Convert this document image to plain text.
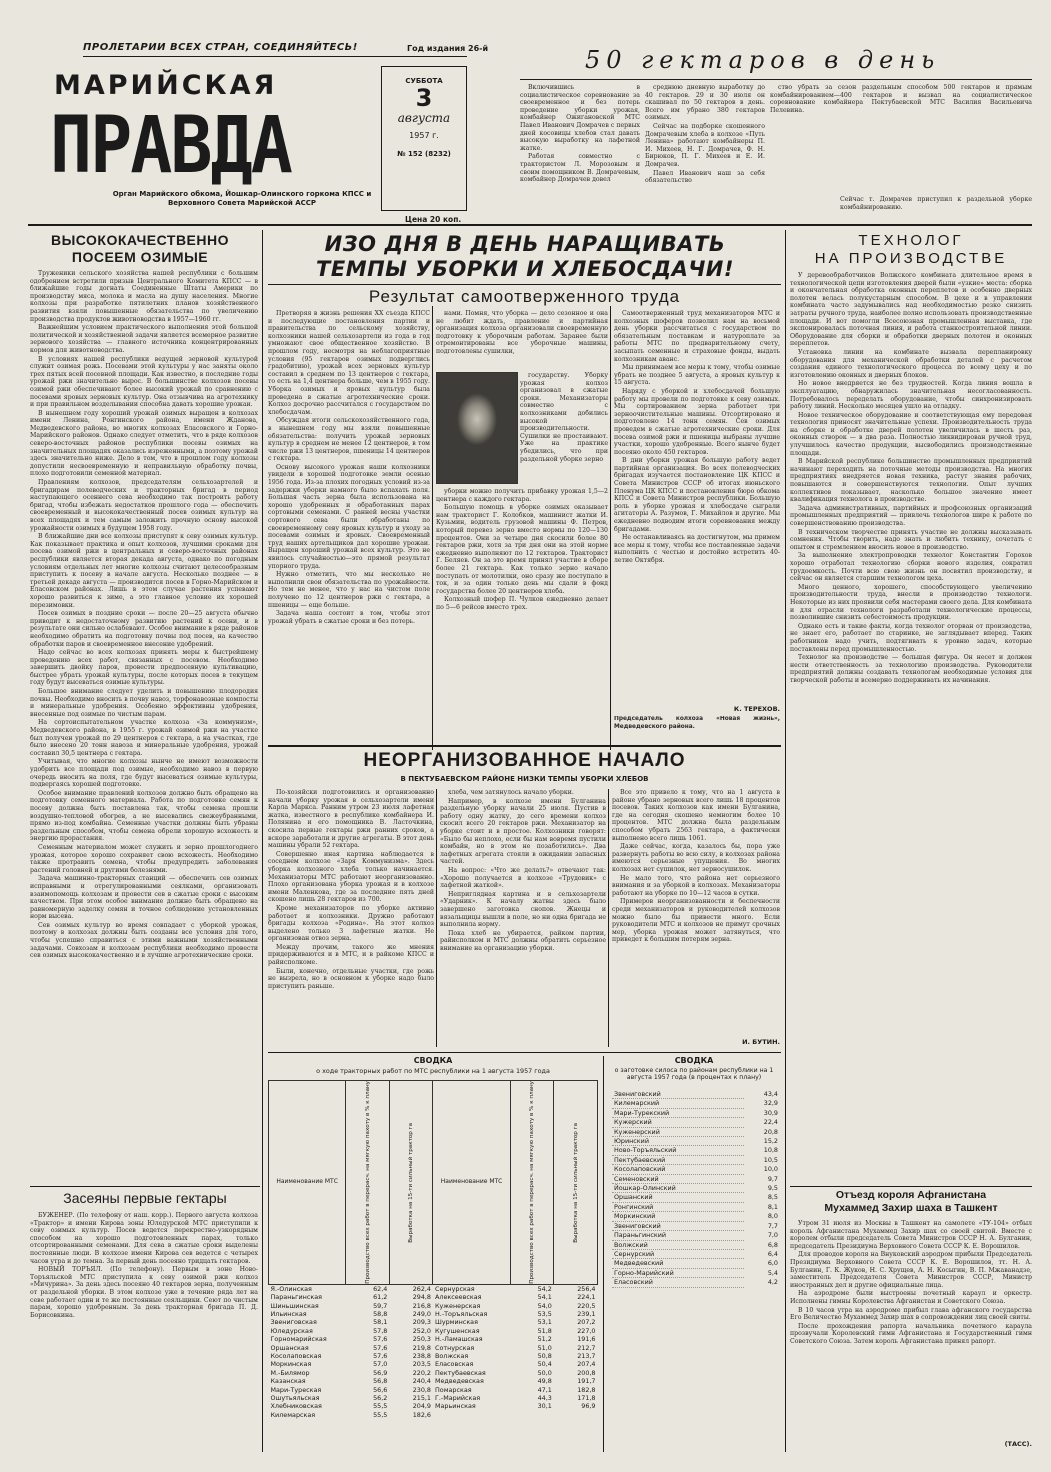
ПРОЛЕТАРИИ ВСЕХ СТРАН, СОЕДИНЯЙТЕСЬ!	Год издания 26-й
МАРИЙСКАЯ
ПРАВДА
Орган Марийского обкома, Йошкар-Олинского горкома КПСС и Верховного Совета Марийской АССР
СУББОТА
3
августа
1957 г.
№ 152 (8232)
Цена 20 коп.
50 гектаров в день

Включившись в социалистическое соревнование за своевременное и без потерь проведение уборки урожая, комбайнер Ожигановской МТС Павел Иванович Домрачев с первых дней косовицы хлебов стал давать высокую выработку на лафетной жатке.

Работая совместно с трактористом Л. Морозовым и своим помощником В. Домрачевым, комбайнер Домрачев довел

среднюю дневную выработку до 40 гектаров. 29 и 30 июля он скашивал по 50 гектаров в день. Всего им убрано 380 гектаров озимых.

Сейчас на подборке скошенного Домрачевым хлеба в колхозе «Путь Ленина» работают комбайнеры П. И. Михеев, Н. Г. Домрачев, Ф. Н. Бирюков, П. Г. Михеев и Е. И. Домрачев.

Павел Иванович наш за себя обязательство

ство убрать за сезон раздельным способом 500 гектаров и прямым комбайнированием—400 гектаров и вызвал на социалистическое соревнование комбайнера Пектубаевской МТС Василия Васильевича Пелевина.

Сейчас т. Домрачев приступил к раздельной уборке комбайнированию.
ВЫСОКОКАЧЕСТВЕННО ПОСЕЕМ ОЗИМЫЕ

Труженики сельского хозяйства нашей республики с большим одобрением встретили призыв Центрального Комитета КПСС — в ближайшие годы догнать Соединенные Штаты Америки по производству мяса, молока и масла на душу населения. Многие колхозы при разработке пятилетних планов хозяйственного развития взяли повышенные обязательства по увеличению производства продуктов животноводства в 1957—1960 гг.

Важнейшим условием практического выполнения этой большой политической и хозяйственной задачи является всемерное развитие зернового хозяйства — главного источника концентрированных кормов для животноводства.

В условиях нашей республики ведущей зерновой культурой служит озимая рожь. Посевами этой культуры у нас заняты около трех пятых всей посевной площади. Как известно, в последние годы урожай ржи значительно вырос. В большинстве колхозов посевы озимой ржи обеспечивают более высокий урожай по сравнению с посевами яровых зерновых культур. Она отзывчива на агротехнику и при правильном возделывании способна давать хорошие урожаи.

В нынешнем году хороший урожай озимых выращен в колхозах имени Ленина, Ронгинского района, имени Жданова, Медведевского района, во многих колхозах Еласовского и Горно-Марийского районов. Однако следует отметить, что в ряде колхозов северо-восточных районов республики посевы озимых на значительных площадях оказались изреженными, а поэтому урожай здесь значительно ниже. Дело в том, что в прошлом году колхозы допустили несвоевременную и неправильную обработку почвы, плохо подготовили семенной материал.

Правлениям колхозов, председателям сельхозартелей и бригадирам полеводческих и тракторных бригад в период наступающего осеннего сева необходимо так построить работу бригад, чтобы избежать недостатков прошлого года — обеспечить своевременный и высококачественный посев озимых культур на всех площадях и тем самым заложить прочную основу высокой урожайности озимых в будущем 1958 году.

В ближайшие дни все колхозы приступят к севу озимых культур. Как показывает практика и опыт колхозов, лучшими сроками для посева озимой ржи в центральных и северо-восточных районах республики является вторая декада августа, однако по погодным условиям отдельных лет многие колхозы считают целесообразным приступить к посеву в начале августа. Несколько позднее — в третьей декаде августа — производится посев в Горно-Марийском и Еласовском районах. Лишь в этом случае растения успевают хорошо развиться к зиме, а это главное условие их хорошей перезимовки.

Посев озимых в поздние сроки — после 20—25 августа обычно приводит к недостаточному развитию растений к осени, и в результате они сильно ослабевают. Особое внимание в ряде районов необходимо обратить на подготовку почвы под посев, на качество обработки паров и своевременное внесение удобрений.

Надо сейчас во всех колхозах принять меры к быстрейшему проведению всех работ, связанных с посевом. Необходимо завершить двойку паров, провести предпосевную культивацию, быстрее убрать урожай культуры, после которых посев в текущем году будут высеваться озимые культуры.

Большое внимание следует уделить и повышению плодородия почвы. Необходимо вносить в почву навоз, торфонавозные компосты и минеральные удобрения. Особенно эффективны удобрения, внесенные под озимые по чистым парам.

На сортоиспытательном участке колхоза «За коммунизм», Медведевского района, в 1955 г. урожай озимой ржи на участке был получен урожай по 29 центнеров с гектара, а на участках, где было внесено 20 тонн навоза и минеральные удобрения, урожай составил 30,5 центнера с гектара.

Учитывая, что многие колхозы нынче не имеют возможности удобрить все площади под озимые, необходимо навоз в первую очередь вносить на поля, где будут высеваться озимые культуры, подвергаясь хорошей подготовке.

Особое внимание правлений колхозов должно быть обращено на подготовку семенного материала. Работа по подготовке семян к посеву должна быть поставлена так, чтобы семена прошли воздушно-тепловой обогрев, а не высевались свежеубранными, прямо из-под комбайна. Семенные участки должны быть убраны раздельным способом, чтобы семена обрели хорошую всхожесть и энергию прорастания.

Семенным материалом может служить и зерно прошлогоднего урожая, которое хорошо сохраняет свою всхожесть. Необходимо также протравить семена, чтобы предупредить заболевания растений головней и другими болезнями.

Задача машинно-тракторных станций — обеспечить сев озимых исправными и отрегулированными сеялками, организовать взаимопомощь колхозам и провести сев в сжатые сроки с высоким качеством. При этом особое внимание должно быть обращено на равномерную заделку семян и точное соблюдение установленных норм высева.

Сев озимых культур во время совпадает с уборкой урожая, поэтому в колхозах должны быть созданы все условия для того, чтобы успешно справиться с этими важными хозяйственными задачами. Совхозам и колхозам республики необходимо провести сев озимых высококачественно и в лучшие агротехнические сроки.

Засеяны первые гектары

БУЖЕНЕР. (По телефону от наш. корр.). Первого августа колхоза «Трактор» и имени Кирова зоны Юледурской МТС приступили к севу озимых культур. Посев ведется перекрестно-узкорядным способом на хорошо подготовленных парах, только отсортированными семенами. Для сева в сжатые сроки выделены постоянные люди. В колхозе имени Кирова сев ведется с четырех часов утра и до темна. За первый день посеяно тридцать гектаров.

НОВЫЙ ТОРЪЯЛ. (По телефону). Первым в зоне Ново-Торъяльской МТС приступила к севу озимой ржи колхоз «Мичурина». За день здесь посеяно 40 гектаров зерна, полученным от раздельной уборки. В этом колхозе уже в течение ряда лет на севе работает один и те же постоянные сеяльщики. Сеют по чистым парам, хорошо удобренным. За день тракторная бригада П. Д. Борисовкина.

ИЗО ДНЯ В ДЕНЬ НАРАЩИВАТЬ
ТЕМПЫ УБОРКИ И ХЛЕБОСДАЧИ!
Результат самоотверженного труда

Претворяя в жизнь решения XX съезда КПСС и последующие постановления партии и правительства по сельскому хозяйству, колхозники нашей сельхозартели из года в год умножают свое общественное хозяйство. В прошлом году, несмотря на неблагоприятные условия (95 гектаров озимых подверглись градобитию), урожай всех зерновых культур составил в среднем по 13 центнеров с гектара, то есть на 1,4 центнера больше, чем в 1955 году. Уборка озимых и яровых культур была проведена в сжатые агротехнические сроки. Колхоз досрочно рассчитался с государством по хлебосдачам.

Обсуждая итоги сельскохозяйственного года, в нынешнем году мы взяли повышенные обязательства: получить урожай зерновых культур в среднем не менее 12 центнеров, в том числе ржи 13 центнеров, пшеницы 14 центнеров с гектара.

Основу высокого урожая наши колхозники увидели в хорошей подготовке земли осенью 1956 года. Из-за плохих погодных условий из-за задержки уборки намного было вспахать поля. Большая часть зерна была использована на хорошо удобренных и обработанных парах сортовыми семенами. С ранней весны участки сортового сева были обработаны по своевременному севу яровых культур и уходу за посевами озимых и яровых. Своевременный труд наших артельщиков дал хорошие урожаи. Выращен хороший урожай всех культур. Это не явилось случайностью—это прямой результат упорного труда.

Нужно отметить, что мы несколько не выполнили свои обязательства по урожайности. Но тем не менее, что у нас на чистом поле получено по 12 центнеров ржи с гектара, а пшеницы — еще больше.

Задача наша состоит в том, чтобы этот урожай убрать в сжатые сроки и без потерь.

нами. Помня, что уборка — дело сезонное и она не любит ждать, правление и партийная организация колхоза организовали своевременную подготовку к уборочным работам. Заранее были отремонтированы все уборочные машины, подготовлены сушилки,

государству. Уборку урожая колхоз организовал в сжатые сроки. Механизаторы совместно с колхозниками добились высокой производительности. Сушилки не простаивают. Уже на практике убедились, что при раздельной уборке зерно

уборки можно получить прибавку урожая 1,5—2 центнера с каждого гектара.

Большую помощь в уборке озимых оказывает нам тракторист Г. Колобков, машинист жатки И. Кузьмин, водитель грузовой машины Ф. Петров, который перевез зерно вместо нормы по 120—130 процентов. Они за четыре дня скосили более 80 гектаров ржи, хотя за три дня они на этой норме ежедневно выполняют по 12 гектаров. Тракторист Г. Беляев. Он за это время принял участие в сборе более 21 гектара. Как только зерно начало поступать от молотилки, оно сразу же поступало в ток, и за один только день мы сдали в фонд государства более 20 центнеров хлеба.

Колхозный шофер П. Чулков ежедневно делает по 5—6 рейсов вместо трех.

Самоотверженный труд механизаторов МТС и колхозных шоферов позволил нам на восьмой день уборки рассчитаться с государством по обязательным поставкам и натуроплате за работы МТС по предварительному счету, засыпать семенные и страховые фонды, выдать колхозникам аванс.

Мы принимаем все меры к тому, чтобы озимые убрать не позднее 5 августа, а яровых культур к 15 августа.

Наряду с уборкой и хлебосдачей большую работу мы провели по подготовке к севу озимых. Мы сортированием зерна работает три зерноочистительные машины. Отсортировано и подготовлено 14 тонн семян. Сев озимых проведем в сжатые агротехнические сроки. Для посева озимой ржи и пшеницы выбраны лучшие участки, хорошо удобренные. Всего нынче будет посеяно около 450 гектаров.

В дни уборки урожая большую работу ведет партийная организация. Во всех полеводческих бригадах изучается постановление ЦК КПСС и Совета Министров СССР об итогах июньского Пленума ЦК КПСС и постановления бюро обкома КПСС и Совета Министров республики. Большую роль в уборке урожая и хлебосдаче сыграли агитаторы А. Разумов, Г. Михайлов и другие. Мы ежедневно подводим итоги соревнования между бригадами.

Не останавливаясь на достигнутом, мы примем все меры к тому, чтобы все поставленные задачи выполнить с честью и достойно встретить 40-летие Октября.

К. ТЕРЕХОВ.
Председатель колхоза «Новая жизнь», Медведевского района.
НЕОРГАНИЗОВАННОЕ НАЧАЛО
В ПЕКТУБАЕВСКОМ РАЙОНЕ НИЗКИ ТЕМПЫ УБОРКИ ХЛЕБОВ

По-хозяйски подготовились и организованно начали уборку урожая в сельхозартели имени Карла Маркса. Ранним утром 23 июля лафетная жатка, известного в республике комбайнера И. Полянина и его помощника В. Ласточкина, скосила первые гектары ржи ранних сроков, а вскоре заработали и другие агрегаты. В этот день машины убрали 52 гектара.

Совершенно иная картина наблюдается в соседнем колхозе «Заря Коммунизма». Здесь уборка колхозного хлеба только начинается. Механизаторы МТС работают неорганизованно. Плохо организована уборка урожая и в колхозе имени Маленкова, где за последние пять дней скошено лишь 28 гектаров из 700.

Кроме механизаторов по уборке активно работает и колхозники. Дружно работают бригады колхоза «Родина». На этот колхоз выделено только 3 лафетные жатки. Не организован отвоз зерна.

Между прочим, такого же мнения придерживаются и в МТС, и в райкоме КПСС и райисполкоме.

Были, конечно, отдельные участки, где рожь не вызрела, но в основном к уборке надо было приступить раньше.

хлеба, чем затянулось начало уборки.

Например, в колхозе имени Булганина раздельную уборку начали 25 июля. Пустив в работу одну жатку, до сего времени колхоз скосил всего 20 гектаров ржи. Механизатор на уборке стоит и в простое. Колхозники говорят: «Было бы неплохо, если бы нам вовремя пустили комбайн, но в этом не позаботились». Два лафетных агрегата стояли в ожидании запасных частей.

На вопрос: «Что же делать?» отвечают так: «Хорошо получается в колхозе «Трудовик» с лафетной жаткой».

Неприглядная картина и в сельхозартели «Ударник». К началу жатвы здесь было завершено заготовка снопов. Жнецы и вязальщицы вышли в поле, но ни одна бригада не выполнила норму.

Пока хлеб не убирается, райком партии, райисполком и МТС должны обратить серьезное внимание на организацию уборки.

Все это привело к тому, что на 1 августа в районе убрано зерновых всего лишь 18 процентов посевов. Таких колхозов как имени Булганина, где на сегодня скошено немногим более 10 процентов. МТС должна была раздельным способом убрать 2563 гектара, а фактически выполнено всего лишь 1061.

Даже сейчас, когда, казалось бы, пора уже развернуть работы во всю силу, в колхозах района имеются серьезные упущения. Во многих колхозах нет сушилок, нет зерносушилок.

Не мало того, что района нет серьезного внимания и за уборкой в колхозах. Механизаторы работают на уборке по 10—12 часов в сутки.

Примеров неорганизованности и беспечности среди механизаторов и руководителей колхозов можно было бы привести много. Если руководители МТС и колхозов не примут срочных мер, уборка урожая может затянуться, что приведет к большим потерям зерна.

И. БУТИН.
СВОДКА
о ходе тракторных работ по МТС республики на 1 августа 1957 года
Наименование МТС	Производство всех работ в перерасч. на мягкую пахоту в % к плану	Выработка на 15-ти сильный трактор га	Наименование МТС	Производство всех работ в перерасч. на мягкую пахоту в % к плану	Выработка на 15-ти сильный трактор га

Я.-Олинская	62,4	262,4	Сернурская	54,2	256,4
Параньгинская	61,2	294,8	Алексеевская	54,1	224,1
Шиньшинская	59,7	216,8	Куженерская	54,0	220,5
Ильинская	58,8	249,0	Н.-Торъяльская	53,5	239,1
Звениговская	58,1	209,3	Шурминская	53,1	207,2
Юледурская	57,8	252,0	Кугушенская	51,8	227,0
Горномарийская	57,6	250,3	Н.-Ламашская	51,2	191,6
Оршанская	57,6	219,8	Сотнурская	51,0	212,7
Косолаповская	57,6	238,8	Волжская	50,8	213,7
Моркинская	57,0	203,5	Еласовская	50,4	207,4
М.-Билямор	56,9	220,2	Пектубаевская	50,0	200,8
Казанская	56,8	240,4	Медведевская	49,8	191,7
Мари-Туреская	56,6	230,8	Помарская	47,1	182,8
Ошутьяльская	56,2	215,1	Г.-Марийская	44,3	171,8
Хлебниковская	55,5	204,9	Марьинская	30,1	96,9
Килемарская	55,5	182,6			
СВОДКА
о заготовке силоса по районам республики на 1 августа 1957 года (в процентах к плану)
Звениговский	43,4
Килемарский	32,9
Мари-Турекский	30,9
Кужерский	22,4
Куженерский	20,8
Юринский	15,2
Ново-Торъяльский	10,8
Пектубаевский	10,5
Косолаповский	10,0
Семеновский	9,7
Йошкар-Олинский	9,5
Оршанский	8,5
Ронгинский	8,1
Моркинский	8,0
Звениговский	7,7
Параньгинский	7,0
Волжский	6,8
Сернурский	6,4
Медведевский	6,0
Горно-Марийский	5,4
Еласовский	4,2
ТЕХНОЛОГ
НА ПРОИЗВОДСТВЕ

У деревообработчиков Волжского комбината длительное время в технологической цепи изготовления дверей были «узкие» места: сборка и окончательная обработка оконных переплетов и особенно дверных полотен велась полукустарным способом. В цехе и в управлении комбината часто задумывались над необходимостью резко снизить затраты ручного труда, наиболее полно использовать производственные площади. И вот помогли Всесоюзная промышленная выставка, где экспонировалась поточная линия, и работа станкостроительной линии. Оборудование для сборки и обработки дверных полотен и оконных переплетов.

Установка линии на комбинате вызвала перепланировку оборудования для механической обработки деталей с расчетом создания единого технологического процесса по всему цеху и по изготовлению оконных и дверных блоков.

Но новое внедряется не без трудностей. Когда линия вошла в эксплуатацию, обнаружилась значительная несогласованность. Потребовалось переделать оборудование, чтобы синхронизировать работу линий. Несколько месяцев ушло на отладку.

Новое техническое оборудование и соответствующая ему передовая технология приносят значительные успехи. Производительность труда на сборке и обработке дверей полотен увеличилась в шесть раз, оконных створок — в два раза. Полностью ликвидирован ручной труд, улучшилось качество продукции, высвободились производственные площади.

В Марийской республике большинство промышленных предприятий начинают переходить на поточные методы производства. На многих предприятиях внедряется новая техника, растут знания рабочих, повышаются и совершенствуются технологии. Опыт лучших коллективов показывает, насколько большое значение имеет квалификация технолога в производстве.

Задача административных, партийных и профсоюзных организаций промышленных предприятий — привлечь технологов шире к работе по совершенствованию производства.

В техническом творчестве принять участие не должны высказывать сомнения. Чтобы творить, надо знать и любить технику, сочетать с опытом и стремлением вносить новое в производство.

За выполнение электропроводки технолог Константин Горохов хорошо отработал технологию сборки нового изделия, сократил трудоемкость. Почти всю свою жизнь он посвятил производству, и сейчас он является старшим технологом цеха.

Много ценного, хорошего, способствующего увеличению производительности труда, внесли в производство технологи. Некоторые из них проявили себя мастерами своего дела. Для комбината и для отрасли технологи разработали технологические процессы, позволившие снизить себестоимость продукции.

Однако есть и такие факты, когда технолог оторван от производства, не знает его, работает по старинке, не заглядывает вперед. Таких работников надо учить, подтягивать к уровню задач, которые поставлены перед промышленностью.

Технолог на производстве — большая фигура. Он несет и должен нести ответственность за технологию производства. Руководители предприятий должны создавать технологам необходимые условия для творческой работы и всемерно поддерживать их начинания.

Отъезд короля Афганистана
Мухаммед Захир шаха в Ташкент

Утром 31 июля из Москвы в Ташкент на самолете «ТУ-104» отбыл король Афганистана Мухаммед Захир шах со своей свитой. Вместе с королем отбыли председатель Совета Министров СССР Н. А. Булганин, председатель Президиума Верховного Совета СССР К. Е. Ворошилов.

Для проводов короля на Внуковский аэродром прибыли Председатель Президиума Верховного Совета СССР К. Е. Ворошилов, тт. Н. А. Булганин, Г. К. Жуков, Н. С. Хрущев, А. Н. Косыгин, В. П. Мжаванадзе, заместитель Председателя Совета Министров СССР, Министр иностранных дел и другие официальные лица.

На аэродроме были выстроены почетный караул и оркестр. Исполнены гимны Королевства Афганистан и Советского Союза.

В 10 часов утра на аэродроме прибыл глава афганского государства Его Величество Мухаммед Захир шах в сопровождении лиц своей свиты.

После прохождения рапорта начальника почетного караула прозвучали Королевский гимн Афганистана и Государственный гимн Советского Союза. Затем король Афганистана принял рапорт.

(ТАСС).
